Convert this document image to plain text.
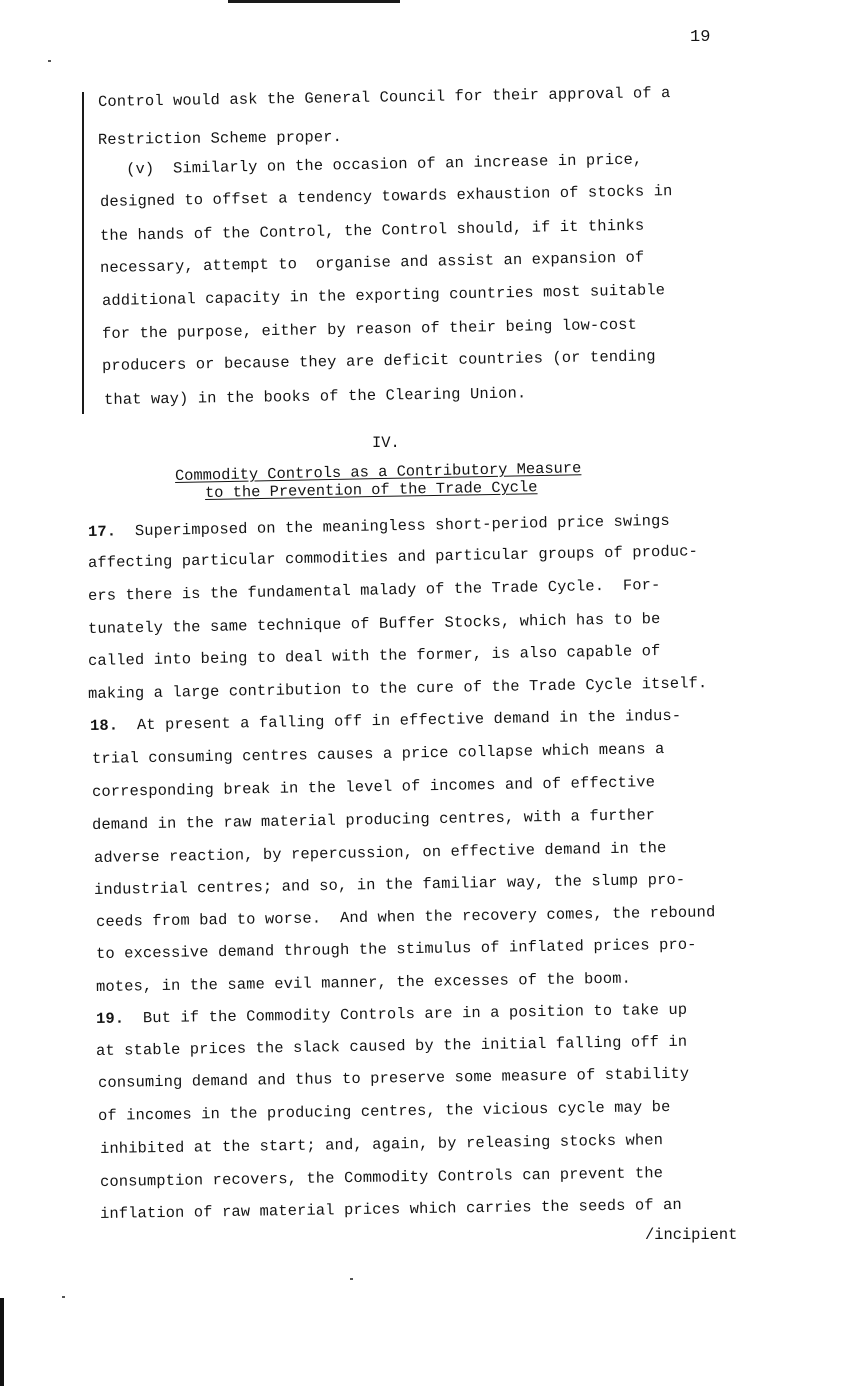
19
Control would ask the General Council for their approval of a
Restriction Scheme proper.
(v)  Similarly on the occasion of an increase in price,
designed to offset a tendency towards exhaustion of stocks in
the hands of the Control, the Control should, if it thinks
necessary, attempt to  organise and assist an expansion of
additional capacity in the exporting countries most suitable
for the purpose, either by reason of their being low-cost
producers or because they are deficit countries (or tending
that way) in the books of the Clearing Union.
IV.
Commodity Controls as a Contributory Measure
to the Prevention of the Trade Cycle
17.  Superimposed on the meaningless short-period price swings
affecting particular commodities and particular groups of produc-
ers there is the fundamental malady of the Trade Cycle.  For-
tunately the same technique of Buffer Stocks, which has to be
called into being to deal with the former, is also capable of
making a large contribution to the cure of the Trade Cycle itself.
18.  At present a falling off in effective demand in the indus-
trial consuming centres causes a price collapse which means a
corresponding break in the level of incomes and of effective
demand in the raw material producing centres, with a further
adverse reaction, by repercussion, on effective demand in the
industrial centres; and so, in the familiar way, the slump pro-
ceeds from bad to worse.  And when the recovery comes, the rebound
to excessive demand through the stimulus of inflated prices pro-
motes, in the same evil manner, the excesses of the boom.
19.  But if the Commodity Controls are in a position to take up
at stable prices the slack caused by the initial falling off in
consuming demand and thus to preserve some measure of stability
of incomes in the producing centres, the vicious cycle may be
inhibited at the start; and, again, by releasing stocks when
consumption recovers, the Commodity Controls can prevent the
inflation of raw material prices which carries the seeds of an
/incipient
